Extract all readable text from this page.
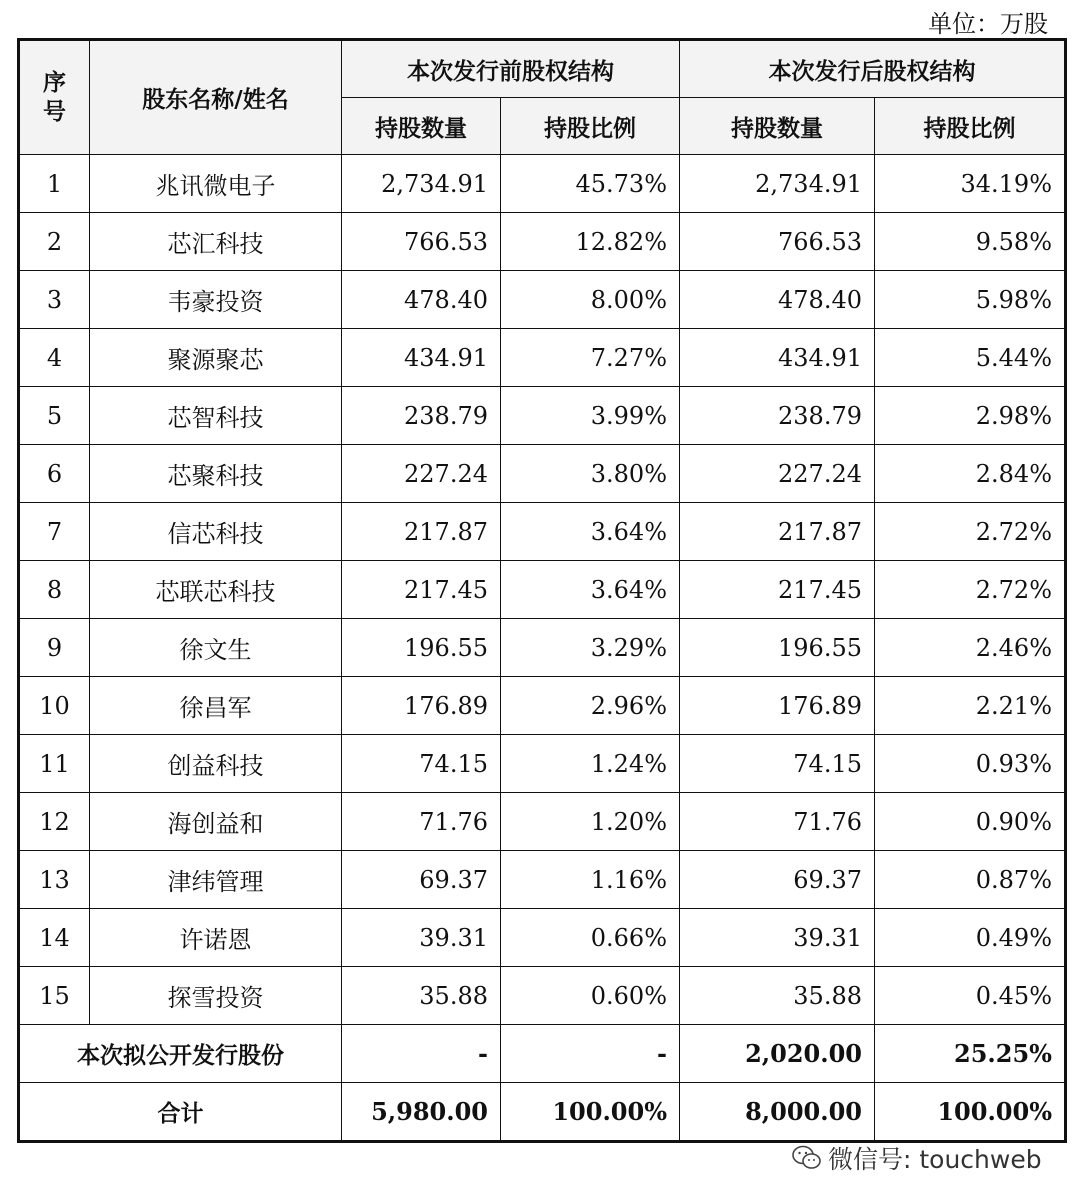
单位：万股
序号	股东名称/姓名	本次发行前股权结构		本次发行后股权结构	
		持股数量	持股比例	持股数量	持股比例
1	兆讯微电子	2,734.91	45.73%	2,734.91	34.19%
2	芯汇科技	766.53	12.82%	766.53	9.58%
3	韦豪投资	478.40	8.00%	478.40	5.98%
4	聚源聚芯	434.91	7.27%	434.91	5.44%
5	芯智科技	238.79	3.99%	238.79	2.98%
6	芯聚科技	227.24	3.80%	227.24	2.84%
7	信芯科技	217.87	3.64%	217.87	2.72%
8	芯联芯科技	217.45	3.64%	217.45	2.72%
9	徐文生	196.55	3.29%	196.55	2.46%
10	徐昌军	176.89	2.96%	176.89	2.21%
11	创益科技	74.15	1.24%	74.15	0.93%
12	海创益和	71.76	1.20%	71.76	0.90%
13	津纬管理	69.37	1.16%	69.37	0.87%
14	许诺恩	39.31	0.66%	39.31	0.49%
15	探雪投资	35.88	0.60%	35.88	0.45%
本次拟公开发行股份		-	-	2,020.00	25.25%
合计		5,980.00	100.00%	8,000.00	100.00%
微信号: touchweb
